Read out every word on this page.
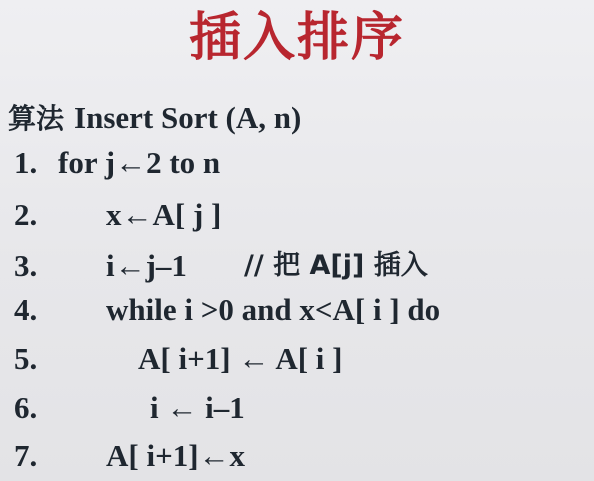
插入排序
算法 Insert Sort (A, n)
1. for j←2 to n
2. x←A[ j ]
3. i←j–1 // 把 A[j] 插入
4. while i >0 and x<A[ i ] do
5.	A[ i+1] ← A[ i ]
6.	i ← i–1
7. A[ i+1]←x
